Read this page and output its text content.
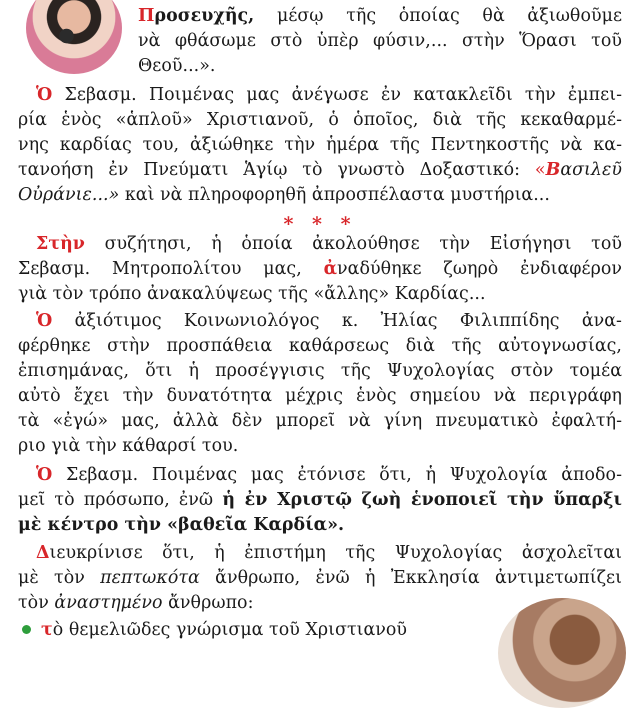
Προσευχῆς, μέσῳ τῆς ὁποίας θὰ ἀξιωθοῦμε
νὰ φθάσωμε στὸ ὑπὲρ φύσιν,... στὴν Ὅρασι τοῦ
Θεοῦ...».
Ὁ Σεβασμ. Ποιμένας μας ἀνέγωσε ἐν κατακλεῖδι τὴν ἐμπει-
ρία ἑνὸς «ἁπλοῦ» Χριστιανοῦ, ὁ ὁποῖος, διὰ τῆς κεκαθαρμέ-
νης καρδίας του, ἀξιώθηκε τὴν ἡμέρα τῆς Πεντηκοστῆς νὰ κα-
τανοήση ἐν Πνεύματι Ἁγίῳ τὸ γνωστὸ Δοξαστικό: «Βασιλεῦ
Οὐράνιε...» καὶ νὰ πληροφορηθῆ ἀπροσπέλαστα μυστήρια...
* * *
Στὴν συζήτησι, ἡ ὁποία ἀκολούθησε τὴν Εἰσήγησι τοῦ
Σεβασμ. Μητροπολίτου μας, ἀναδύθηκε ζωηρὸ ἐνδιαφέρον
γιὰ τὸν τρόπο ἀνακαλύψεως τῆς «ἄλλης» Καρδίας...
Ὁ ἀξιότιμος Κοινωνιολόγος κ. Ἠλίας Φιλιππίδης ἀνα-
φέρθηκε στὴν προσπάθεια καθάρσεως διὰ τῆς αὐτογνωσίας,
ἐπισημάνας, ὅτι ἡ προσέγγισις τῆς Ψυχολογίας στὸν τομέα
αὐτὸ ἔχει τὴν δυνατότητα μέχρις ἑνὸς σημείου νὰ περιγράφη
τὰ «ἐγώ» μας, ἀλλὰ δὲν μπορεῖ νὰ γίνη πνευματικὸ ἐφαλτή-
ριο γιὰ τὴν κάθαρσί του.
Ὁ Σεβασμ. Ποιμένας μας ἐτόνισε ὅτι, ἡ Ψυχολογία ἀποδο-
μεῖ τὸ πρόσωπο, ἐνῶ ἡ ἐν Χριστῷ ζωὴ ἑνοποιεῖ τὴν ὕπαρξι
μὲ κέντρο τὴν «βαθεῖα Καρδία».
Διευκρίνισε ὅτι, ἡ ἐπιστήμη τῆς Ψυχολογίας ἀσχολεῖται
μὲ τὸν πεπτωκότα ἄνθρωπο, ἐνῶ ἡ Ἐκκλησία ἀντιμετωπίζει
τὸν ἀναστημένο ἄνθρωπο:
τὸ θεμελιῶδες γνώρισμα τοῦ Χριστιανοῦ
